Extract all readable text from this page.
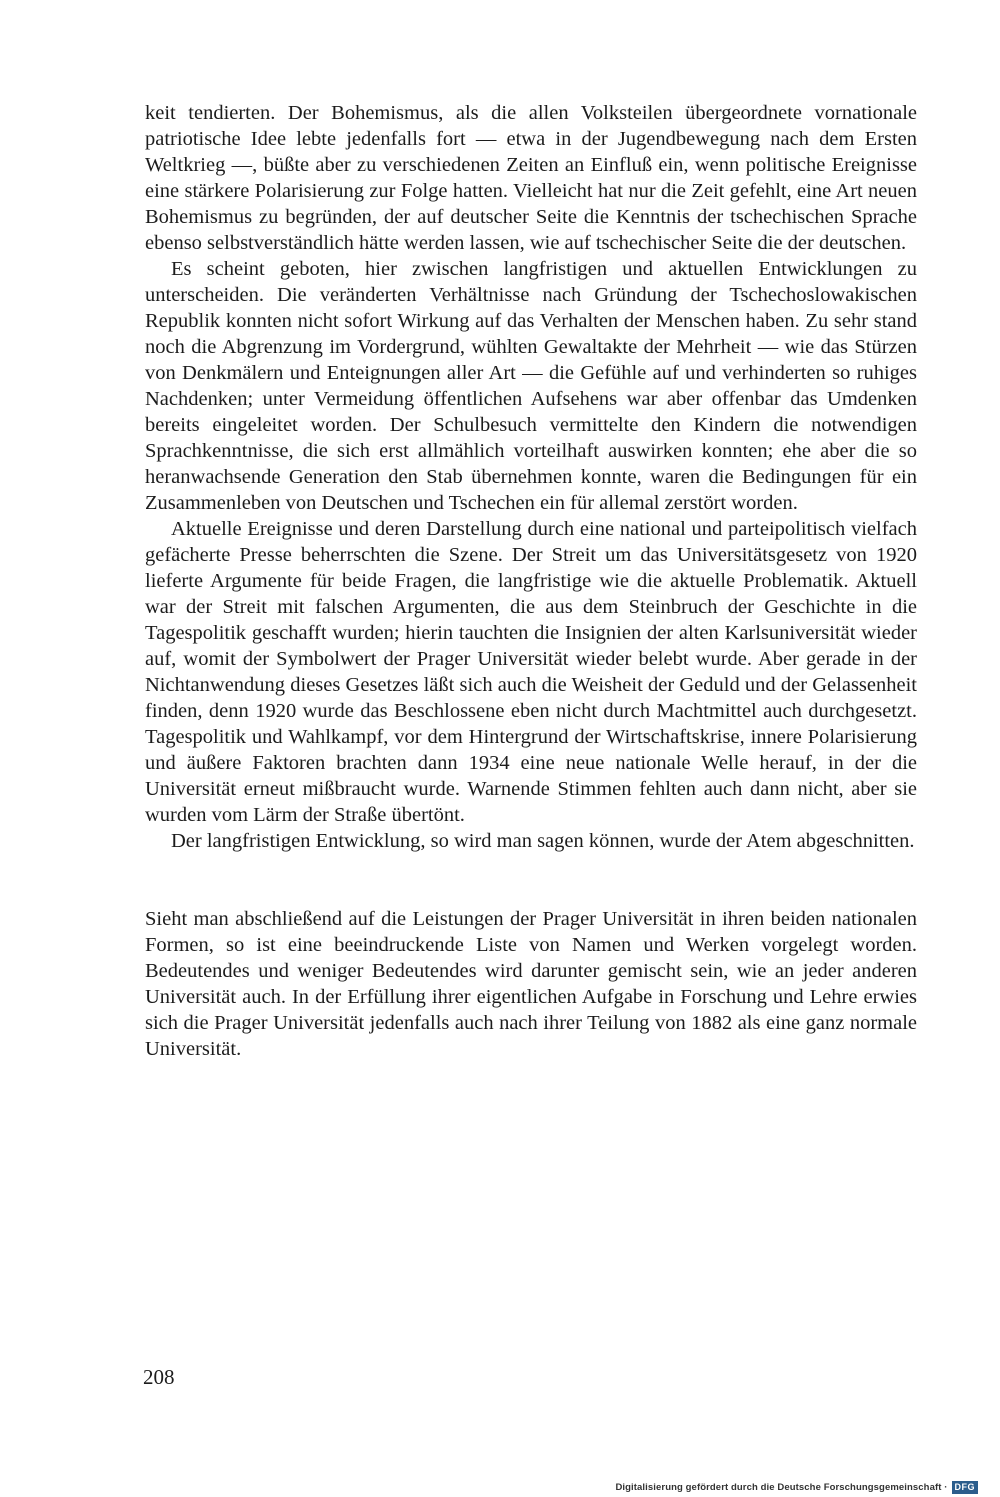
keit tendierten. Der Bohemismus, als die allen Volksteilen übergeordnete vornationale patriotische Idee lebte jedenfalls fort — etwa in der Jugendbewegung nach dem Ersten Weltkrieg —, büßte aber zu verschiedenen Zeiten an Einfluß ein, wenn politische Ereignisse eine stärkere Polarisierung zur Folge hatten. Vielleicht hat nur die Zeit gefehlt, eine Art neuen Bohemismus zu begründen, der auf deutscher Seite die Kenntnis der tschechischen Sprache ebenso selbstverständlich hätte werden lassen, wie auf tschechischer Seite die der deutschen.

Es scheint geboten, hier zwischen langfristigen und aktuellen Entwicklungen zu unterscheiden. Die veränderten Verhältnisse nach Gründung der Tschechoslowakischen Republik konnten nicht sofort Wirkung auf das Verhalten der Menschen haben. Zu sehr stand noch die Abgrenzung im Vordergrund, wühlten Gewaltakte der Mehrheit — wie das Stürzen von Denkmälern und Enteignungen aller Art — die Gefühle auf und verhinderten so ruhiges Nachdenken; unter Vermeidung öffentlichen Aufsehens war aber offenbar das Umdenken bereits eingeleitet worden. Der Schulbesuch vermittelte den Kindern die notwendigen Sprachkenntnisse, die sich erst allmählich vorteilhaft auswirken konnten; ehe aber die so heranwachsende Generation den Stab übernehmen konnte, waren die Bedingungen für ein Zusammenleben von Deutschen und Tschechen ein für allemal zerstört worden.

Aktuelle Ereignisse und deren Darstellung durch eine national und parteipolitisch vielfach gefächerte Presse beherrschten die Szene. Der Streit um das Universitätsgesetz von 1920 lieferte Argumente für beide Fragen, die langfristige wie die aktuelle Problematik. Aktuell war der Streit mit falschen Argumenten, die aus dem Steinbruch der Geschichte in die Tagespolitik geschafft wurden; hierin tauchten die Insignien der alten Karlsuniversität wieder auf, womit der Symbolwert der Prager Universität wieder belebt wurde. Aber gerade in der Nichtanwendung dieses Gesetzes läßt sich auch die Weisheit der Geduld und der Gelassenheit finden, denn 1920 wurde das Beschlossene eben nicht durch Machtmittel auch durchgesetzt. Tagespolitik und Wahlkampf, vor dem Hintergrund der Wirtschaftskrise, innere Polarisierung und äußere Faktoren brachten dann 1934 eine neue nationale Welle herauf, in der die Universität erneut mißbraucht wurde. Warnende Stimmen fehlten auch dann nicht, aber sie wurden vom Lärm der Straße übertönt.

Der langfristigen Entwicklung, so wird man sagen können, wurde der Atem abgeschnitten.

Sieht man abschließend auf die Leistungen der Prager Universität in ihren beiden nationalen Formen, so ist eine beeindruckende Liste von Namen und Werken vorgelegt worden. Bedeutendes und weniger Bedeutendes wird darunter gemischt sein, wie an jeder anderen Universität auch. In der Erfüllung ihrer eigentlichen Aufgabe in Forschung und Lehre erwies sich die Prager Universität jedenfalls auch nach ihrer Teilung von 1882 als eine ganz normale Universität.

208
Digitalisierung gefördert durch die Deutsche Forschungsgemeinschaft · DFG
